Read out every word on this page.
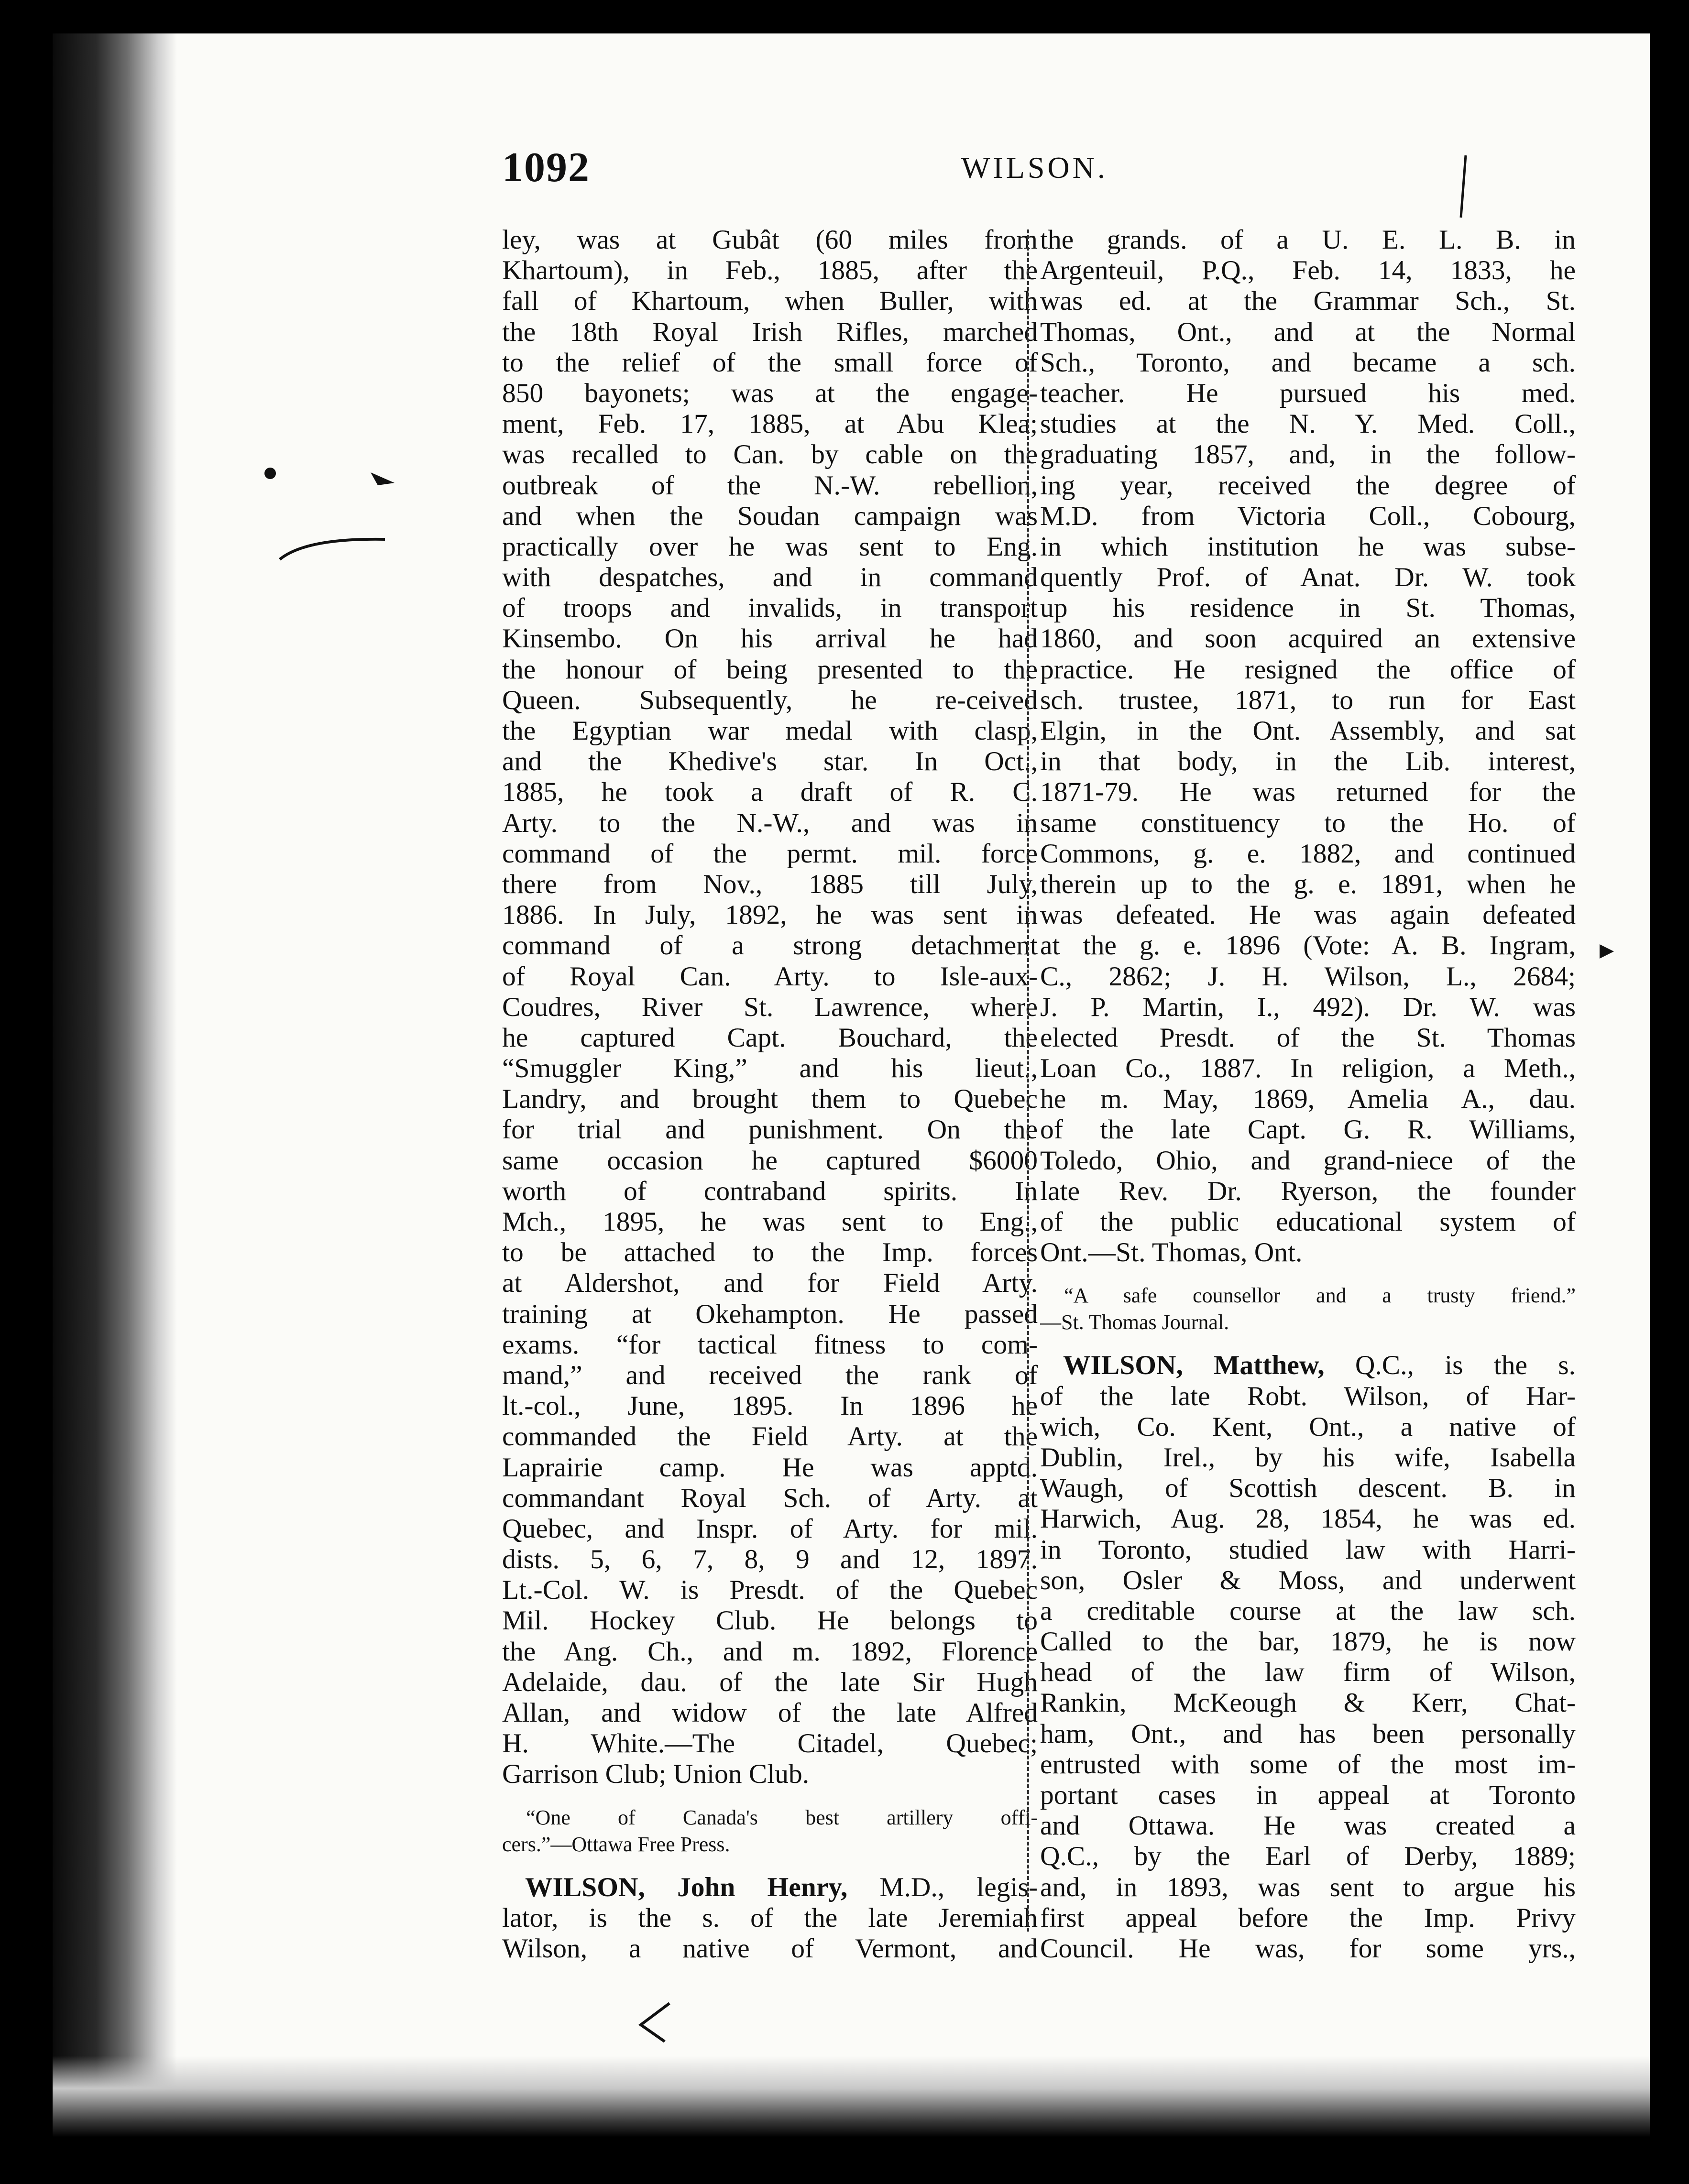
1092	WILSON.
ley, was at Gubât (60 miles from
Khartoum), in Feb., 1885, after the
fall of Khartoum, when Buller, with
the 18th Royal Irish Rifles, marched
to the relief of the small force of
850 bayonets; was at the engage-
ment, Feb. 17, 1885, at Abu Klea;
was recalled to Can. by cable on the
outbreak of the N.-W. rebellion,
and when the Soudan campaign was
practically over he was sent to Eng.
with despatches, and in command
of troops and invalids, in transport
Kinsembo. On his arrival he had
the honour of being presented to the
Queen. Subsequently, he re-ceived
the Egyptian war medal with clasp,
and the Khedive's star. In Oct.,
1885, he took a draft of R. C.
Arty. to the N.-W., and was in
command of the permt. mil. force
there from Nov., 1885 till July,
1886. In July, 1892, he was sent in
command of a strong detachment
of Royal Can. Arty. to Isle-aux-
Coudres, River St. Lawrence, where
he captured Capt. Bouchard, the
“Smuggler King,” and his lieut.,
Landry, and brought them to Quebec
for trial and punishment. On the
same occasion he captured $6000
worth of contraband spirits. In
Mch., 1895, he was sent to Eng.,
to be attached to the Imp. forces
at Aldershot, and for Field Arty.
training at Okehampton. He passed
exams. “for tactical fitness to com-
mand,” and received the rank of
lt.-col., June, 1895. In 1896 he
commanded the Field Arty. at the
Laprairie camp. He was apptd.
commandant Royal Sch. of Arty. at
Quebec, and Inspr. of Arty. for mil.
dists. 5, 6, 7, 8, 9 and 12, 1897.
Lt.-Col. W. is Presdt. of the Quebec
Mil. Hockey Club. He belongs to
the Ang. Ch., and m. 1892, Florence
Adelaide, dau. of the late Sir Hugh
Allan, and widow of the late Alfred
H. White.—The Citadel, Quebec;
Garrison Club; Union Club.
“One of Canada's best artillery offi-
cers.”—Ottawa Free Press.
WILSON, John Henry, M.D., legis-
lator, is the s. of the late Jeremiah
Wilson, a native of Vermont, and
the grands. of a U. E. L. B. in
Argenteuil, P.Q., Feb. 14, 1833, he
was ed. at the Grammar Sch., St.
Thomas, Ont., and at the Normal
Sch., Toronto, and became a sch.
teacher. He pursued his med.
studies at the N. Y. Med. Coll.,
graduating 1857, and, in the follow-
ing year, received the degree of
M.D. from Victoria Coll., Cobourg,
in which institution he was subse-
quently Prof. of Anat. Dr. W. took
up his residence in St. Thomas,
1860, and soon acquired an extensive
practice. He resigned the office of
sch. trustee, 1871, to run for East
Elgin, in the Ont. Assembly, and sat
in that body, in the Lib. interest,
1871-79. He was returned for the
same constituency to the Ho. of
Commons, g. e. 1882, and continued
therein up to the g. e. 1891, when he
was defeated. He was again defeated
at the g. e. 1896 (Vote: A. B. Ingram,
C., 2862; J. H. Wilson, L., 2684;
J. P. Martin, I., 492). Dr. W. was
elected Presdt. of the St. Thomas
Loan Co., 1887. In religion, a Meth.,
he m. May, 1869, Amelia A., dau.
of the late Capt. G. R. Williams,
Toledo, Ohio, and grand-niece of the
late Rev. Dr. Ryerson, the founder
of the public educational system of
Ont.—St. Thomas, Ont.
“A safe counsellor and a trusty friend.”
—St. Thomas Journal.
WILSON, Matthew, Q.C., is the s.
of the late Robt. Wilson, of Har-
wich, Co. Kent, Ont., a native of
Dublin, Irel., by his wife, Isabella
Waugh, of Scottish descent. B. in
Harwich, Aug. 28, 1854, he was ed.
in Toronto, studied law with Harri-
son, Osler & Moss, and underwent
a creditable course at the law sch.
Called to the bar, 1879, he is now
head of the law firm of Wilson,
Rankin, McKeough & Kerr, Chat-
ham, Ont., and has been personally
entrusted with some of the most im-
portant cases in appeal at Toronto
and Ottawa. He was created a
Q.C., by the Earl of Derby, 1889;
and, in 1893, was sent to argue his
first appeal before the Imp. Privy
Council. He was, for some yrs.,
